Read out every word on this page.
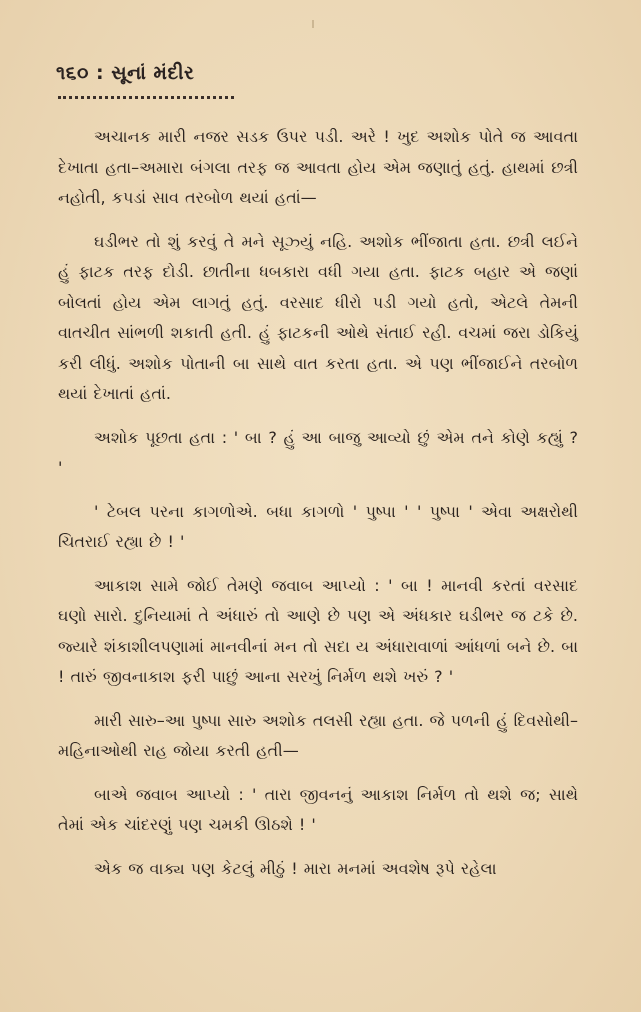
૧૬૦ : સૂનાં મંદીર

અચાનક મારી નજર સડક ઉપર પડી. અરે ! ખુદ અશોક પોતે જ આવતા દેખાતા હતા–અમારા બંગલા તરફ જ આવતા હોય એમ જણાતું હતું. હાથમાં છત્રી નહોતી, કપડાં સાવ તરબોળ થયાં હતાં—

ઘડીભર તો શું કરવું તે મને સૂઝ્યું નહિ. અશોક ભીંજાતા હતા. છત્રી લઈને હું ફાટક તરફ દોડી. છાતીના ધબકારા વધી ગયા હતા. ફાટક બહાર એ જણાં બોલતાં હોય એમ લાગતું હતું. વરસાદ ધીરો પડી ગયો હતો, એટલે તેમની વાતચીત સાંભળી શકાતી હતી. હું ફાટકની ઓથે સંતાઈ રહી. વચમાં જરા ડોકિયું કરી લીધું. અશોક પોતાની બા સાથે વાત કરતા હતા. એ પણ ભીંજાઈને તરબોળ થયાં દેખાતાં હતાં.

અશોક પૂછતા હતા : ' બા ? હું આ બાજુ આવ્યો છું એમ તને કોણે કહ્યું ? '

' ટેબલ પરના કાગળોએ. બધા કાગળો ' પુષ્પા ' ' પુષ્પા ' એવા અક્ષરોથી ચિતરાઈ રહ્યા છે ! '

આકાશ સામે જોઈ તેમણે જવાબ આપ્યો : ' બા ! માનવી કરતાં વરસાદ ઘણો સારો. દુનિયામાં તે અંધારું તો આણે છે પણ એ અંધકાર ઘડીભર જ ટકે છે. જ્યારે શંકાશીલપણામાં માનવીનાં મન તો સદા ય અંધારાવાળાં આંધળાં બને છે. બા ! તારું જીવનાકાશ ફરી પાછું આના સરખું નિર્મળ થશે ખરું ? '

મારી સારુ–આ પુષ્પા સારુ અશોક તલસી રહ્યા હતા. જે પળની હું દિવસોથી–મહિનાઓથી રાહ જોયા કરતી હતી—

બાએ જવાબ આપ્યો : ' તારા જીવનનું આકાશ નિર્મળ તો થશે જ; સાથે તેમાં એક ચાંદરણું પણ ચમકી ઊઠશે ! '

એક જ વાક્ય પણ કેટલું મીઠું ! મારા મનમાં અવશેષ રૂપે રહેલા
